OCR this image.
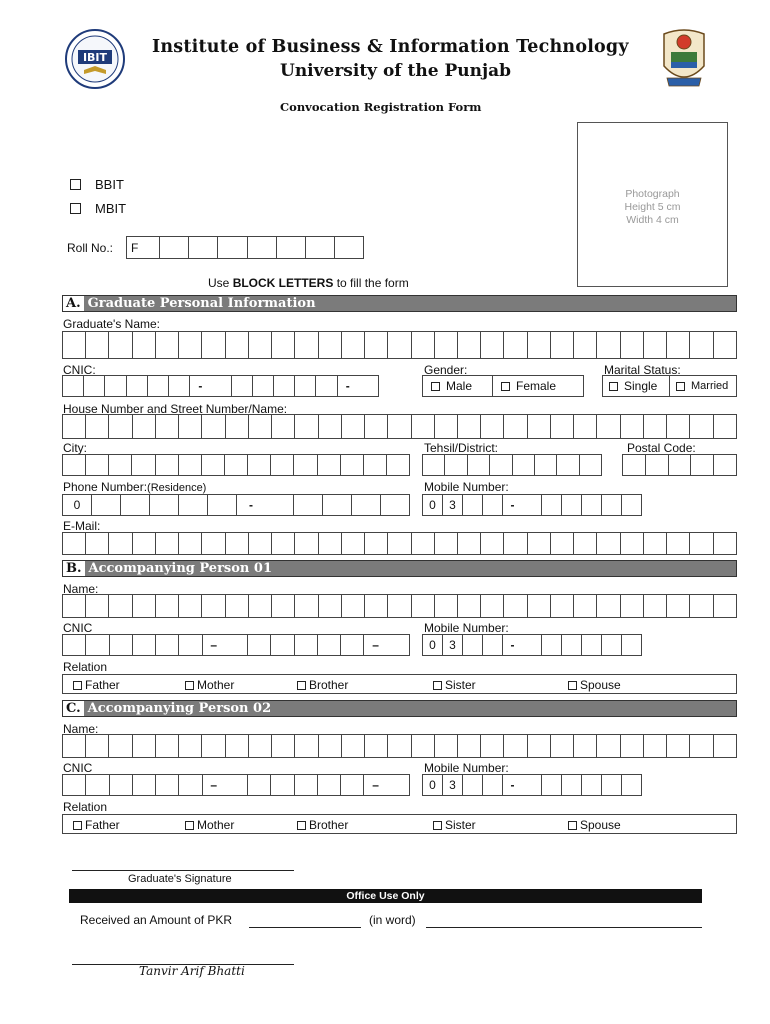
IBIT
Institute of Business & Information Technology
University of the Punjab
Convocation Registration Form
BBIT
MBIT
Roll No.:	F
Photograph
Height 5 cm
Width 4 cm
Use BLOCK LETTERS to fill the form
A. Graduate Personal Information
Graduate's Name:
CNIC:
-	-
Gender:
Male	Female
Marital Status:
Single	Married
House Number and Street Number/Name:
City:	Tehsil/District:	Postal Code:
Phone Number:(Residence)
0	-
Mobile Number:
0	3	-
E-Mail:
B. Accompanying Person 01
Name:
CNIC
–	–
Mobile Number:
0	3	-
Relation
Father	Mother	Brother	Sister	Spouse
C. Accompanying Person 02
Name:
CNIC
–	–
Mobile Number:
0	3	-
Relation
Father	Mother	Brother	Sister	Spouse
Graduate's Signature
Office Use Only
Received an Amount of PKR	(in word)
Tanvir Arif Bhatti
